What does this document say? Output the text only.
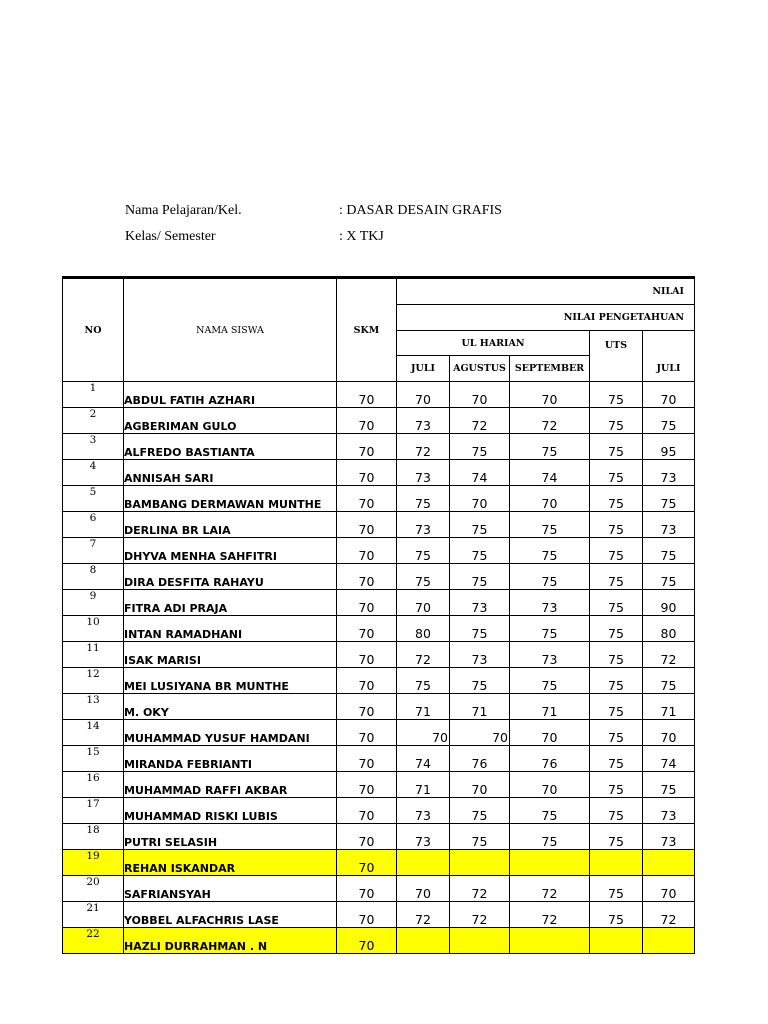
Nama Pelajaran/Kel.	: DASAR DESAIN GRAFIS
Kelas/ Semester	: X TKJ
NO	NAMA SISWA	SKM	NILAI				
			NILAI PENGETAHUAN				
			UL HARIAN			UTS	
			JULI	AGUSTUS	SEPTEMBER		JULI
1	ABDUL FATIH AZHARI	70	70	70	70	75	70
2	AGBERIMAN GULO	70	73	72	72	75	75
3	ALFREDO BASTIANTA	70	72	75	75	75	95
4	ANNISAH SARI	70	73	74	74	75	73
5	BAMBANG DERMAWAN MUNTHE	70	75	70	70	75	75
6	DERLINA BR LAIA	70	73	75	75	75	73
7	DHYVA MENHA SAHFITRI	70	75	75	75	75	75
8	DIRA DESFITA RAHAYU	70	75	75	75	75	75
9	FITRA ADI PRAJA	70	70	73	73	75	90
10	INTAN RAMADHANI	70	80	75	75	75	80
11	ISAK MARISI	70	72	73	73	75	72
12	MEI LUSIYANA BR MUNTHE	70	75	75	75	75	75
13	M. OKY	70	71	71	71	75	71
14	MUHAMMAD YUSUF HAMDANI	70	70	70	70	75	70
15	MIRANDA FEBRIANTI	70	74	76	76	75	74
16	MUHAMMAD RAFFI AKBAR	70	71	70	70	75	75
17	MUHAMMAD RISKI LUBIS	70	73	75	75	75	73
18	PUTRI SELASIH	70	73	75	75	75	73
19	REHAN ISKANDAR	70					
20	SAFRIANSYAH	70	70	72	72	75	70
21	YOBBEL ALFACHRIS LASE	70	72	72	72	75	72
22	HAZLI DURRAHMAN . N	70					
